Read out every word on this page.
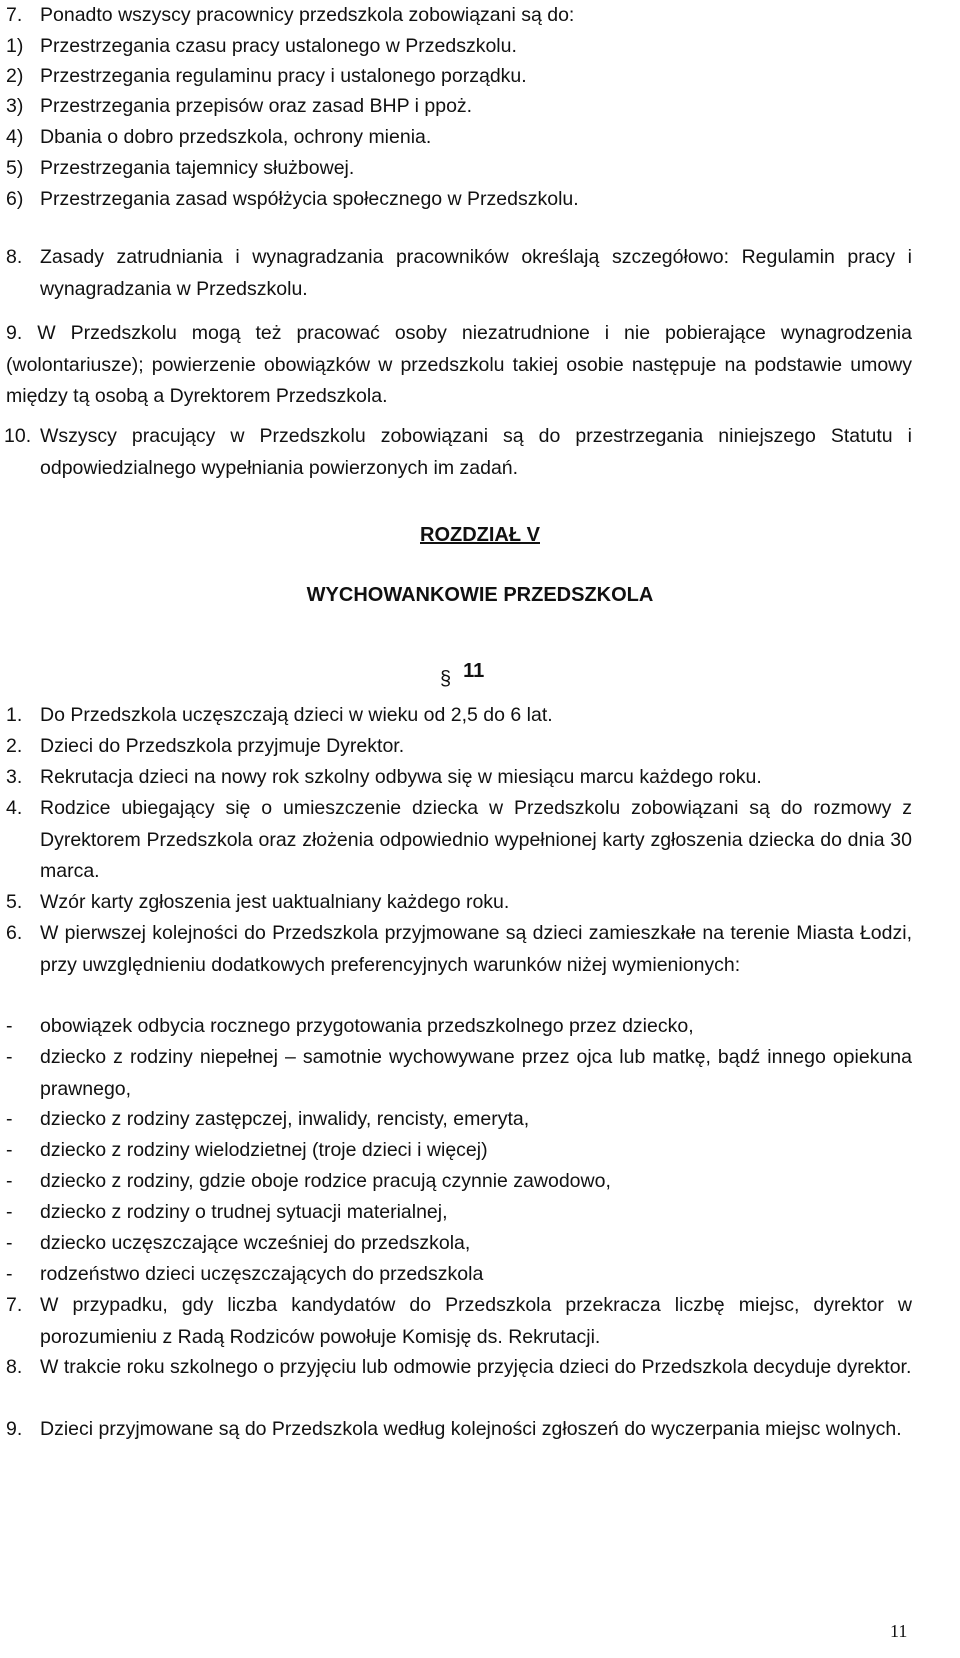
7. Ponadto wszyscy pracownicy przedszkola zobowiązani są do:
1) Przestrzegania czasu pracy ustalonego w Przedszkolu.
2) Przestrzegania regulaminu pracy i ustalonego porządku.
3) Przestrzegania przepisów oraz zasad BHP i ppoż.
4) Dbania o dobro przedszkola, ochrony mienia.
5) Przestrzegania tajemnicy służbowej.
6) Przestrzegania zasad współżycia społecznego w Przedszkolu.
8. Zasady zatrudniania i wynagradzania pracowników określają szczegółowo: Regulamin pracy i wynagradzania w Przedszkolu.
9. W Przedszkolu mogą też pracować osoby niezatrudnione i nie pobierające wynagrodzenia (wolontariusze); powierzenie obowiązków w przedszkolu takiej osobie następuje na podstawie umowy między tą osobą a Dyrektorem Przedszkola.
10. Wszyscy pracujący w Przedszkolu zobowiązani są do przestrzegania niniejszego Statutu i odpowiedzialnego wypełniania powierzonych im zadań.
ROZDZIAŁ V
WYCHOWANKOWIE PRZEDSZKOLA
§ 11
1. Do Przedszkola uczęszczają dzieci w wieku od 2,5 do 6 lat.
2. Dzieci do Przedszkola przyjmuje Dyrektor.
3. Rekrutacja dzieci na nowy rok szkolny odbywa się w miesiącu marcu każdego roku.
4. Rodzice ubiegający się o umieszczenie dziecka w Przedszkolu zobowiązani są do rozmowy z Dyrektorem Przedszkola oraz złożenia odpowiednio wypełnionej karty zgłoszenia dziecka do dnia 30 marca.
5. Wzór karty zgłoszenia jest uaktualniany każdego roku.
6. W pierwszej kolejności do Przedszkola przyjmowane są dzieci zamieszkałe na terenie Miasta Łodzi, przy uwzględnieniu dodatkowych preferencyjnych warunków niżej wymienionych:
- obowiązek odbycia rocznego przygotowania przedszkolnego przez dziecko,
- dziecko z rodziny niepełnej – samotnie wychowywane przez ojca lub matkę, bądź innego opiekuna prawnego,
- dziecko z rodziny zastępczej, inwalidy, rencisty, emeryta,
- dziecko z rodziny wielodzietnej (troje dzieci i więcej)
- dziecko z rodziny, gdzie oboje rodzice pracują czynnie zawodowo,
- dziecko z rodziny o trudnej sytuacji materialnej,
- dziecko uczęszczające wcześniej do przedszkola,
- rodzeństwo dzieci uczęszczających do przedszkola
7. W przypadku, gdy liczba kandydatów do Przedszkola przekracza liczbę miejsc, dyrektor w porozumieniu z Radą Rodziców powołuje Komisję ds. Rekrutacji.
8. W trakcie roku szkolnego o przyjęciu lub odmowie przyjęcia dzieci do Przedszkola decyduje dyrektor.
9. Dzieci przyjmowane są do Przedszkola według kolejności zgłoszeń do wyczerpania miejsc wolnych.
11
